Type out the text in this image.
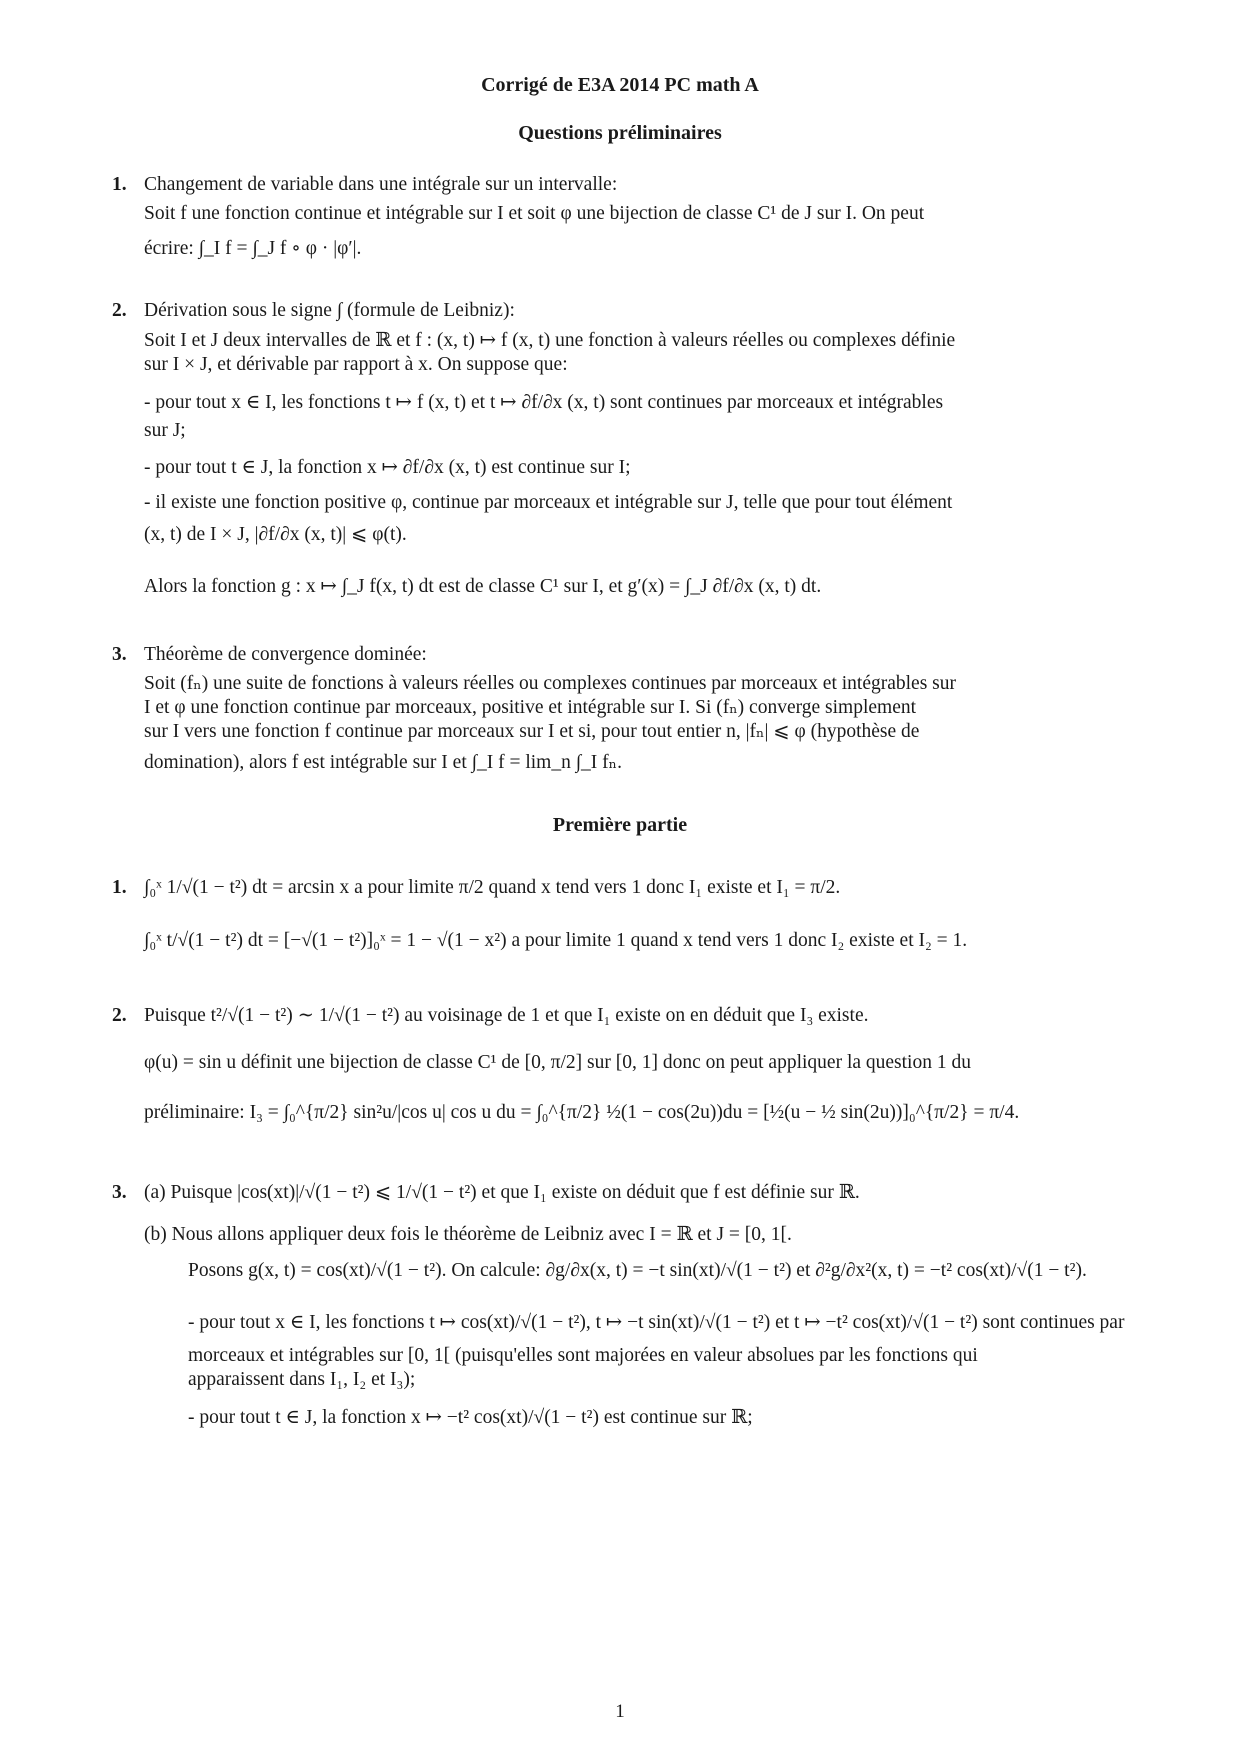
Corrigé de E3A 2014 PC math A
Questions préliminaires
1. Changement de variable dans une intégrale sur un intervalle:
Soit f une fonction continue et intégrable sur I et soit φ une bijection de classe C¹ de J sur I. On peut
écrire: ∫_I f = ∫_J f ∘ φ · |φ′|.
2. Dérivation sous le signe ∫ (formule de Leibniz):
Soit I et J deux intervalles de ℝ et f : (x, t) ↦ f (x, t) une fonction à valeurs réelles ou complexes définie
sur I × J, et dérivable par rapport à x. On suppose que:
- pour tout x ∈ I, les fonctions t ↦ f (x, t) et t ↦ ∂f/∂x (x, t) sont continues par morceaux et intégrables
sur J;
- pour tout t ∈ J, la fonction x ↦ ∂f/∂x (x, t) est continue sur I;
- il existe une fonction positive φ, continue par morceaux et intégrable sur J, telle que pour tout élément
(x, t) de I × J, |∂f/∂x (x, t)| ⩽ φ(t).
Alors la fonction g : x ↦ ∫_J f(x, t) dt est de classe C¹ sur I, et g′(x) = ∫_J ∂f/∂x (x, t) dt.
3. Théorème de convergence dominée:
Soit (fₙ) une suite de fonctions à valeurs réelles ou complexes continues par morceaux et intégrables sur
I et φ une fonction continue par morceaux, positive et intégrable sur I. Si (fₙ) converge simplement
sur I vers une fonction f continue par morceaux sur I et si, pour tout entier n, |fₙ| ⩽ φ (hypothèse de
domination), alors f est intégrable sur I et ∫_I f = lim_n ∫_I fₙ.
Première partie
1. ∫₀ˣ 1/√(1 − t²) dt = arcsin x a pour limite π/2 quand x tend vers 1 donc I₁ existe et I₁ = π/2.
∫₀ˣ t/√(1 − t²) dt = [−√(1 − t²)]₀ˣ = 1 − √(1 − x²) a pour limite 1 quand x tend vers 1 donc I₂ existe et I₂ = 1.
2. Puisque t²/√(1 − t²) ∼ 1/√(1 − t²) au voisinage de 1 et que I₁ existe on en déduit que I₃ existe.
φ(u) = sin u définit une bijection de classe C¹ de [0, π/2] sur [0, 1] donc on peut appliquer la question 1 du
préliminaire: I₃ = ∫₀^{π/2} sin²u/|cos u| cos u du = ∫₀^{π/2} ½(1 − cos(2u))du = [½(u − ½ sin(2u))]₀^{π/2} = π/4.
3. (a) Puisque |cos(xt)|/√(1 − t²) ⩽ 1/√(1 − t²) et que I₁ existe on déduit que f est définie sur ℝ.
(b) Nous allons appliquer deux fois le théorème de Leibniz avec I = ℝ et J = [0, 1[.
Posons g(x, t) = cos(xt)/√(1 − t²). On calcule: ∂g/∂x(x, t) = −t sin(xt)/√(1 − t²) et ∂²g/∂x²(x, t) = −t² cos(xt)/√(1 − t²).
- pour tout x ∈ I, les fonctions t ↦ cos(xt)/√(1 − t²), t ↦ −t sin(xt)/√(1 − t²) et t ↦ −t² cos(xt)/√(1 − t²) sont continues par
morceaux et intégrables sur [0, 1[ (puisqu'elles sont majorées en valeur absolues par les fonctions qui
apparaissent dans I₁, I₂ et I₃);
- pour tout t ∈ J, la fonction x ↦ −t² cos(xt)/√(1 − t²) est continue sur ℝ;
1
